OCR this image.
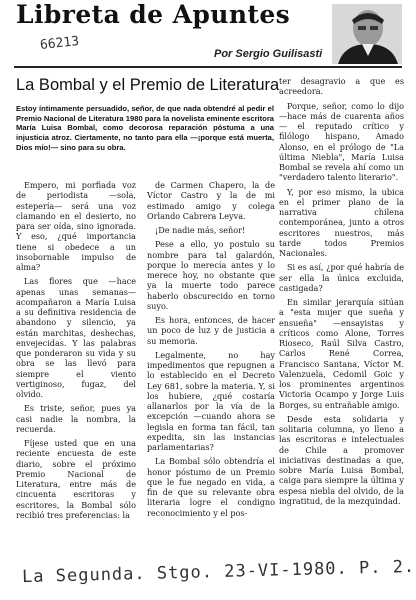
Libreta de Apuntes
66213
Por Sergio Guilisasti
La Bombal y el Premio de Literatura
Estoy íntimamente persuadido, señor, de que nada obtendré al pedir el Premio Nacional de Literatura 1980 para la novelista eminente escritora María Luisa Bombal, como decorosa reparación póstuma a una injusticia atroz. Ciertamente, no tanto para ella —¡porque está muerta, Dios mío!— sino para su obra.

Empero, mi porfiada voz de periodista —sola, estepería— será una voz clamando en el desierto, no para ser oída, sino ignorada. Y eso, ¿qué importancia tiene si obedece a un insobornable impulso de alma?

Las flores que —hace apenas unas semanas— acompañaron a María Luisa a su definitiva residencia de abandono y silencio, ya están marchitas, deshechas, envejecidas. Y las palabras que ponderaron su vida y su obra se las llevó para siempre el viento vertiginoso, fugaz, del olvido.

Es triste, señor, pues ya casi nadie la nombra, la recuerda.

Fíjese usted que en una reciente encuesta de este diario, sobre el próximo Premio Nacional de Literatura, entre más de cincuenta escritoras y escritores, la Bombal sólo recibió tres preferencias: la

de Carmen Chapero, la de Víctor Castro y la de mi estimado amigo y colega Orlando Cabrera Leyva.

¡De nadie más, señor!

Pese a ello, yo postulo su nombre para tal galardón, porque lo merecía antes y lo merece hoy, no obstante que ya la muerte todo parece haberlo obscurecido en torno suyo.

Es hora, entonces, de hacer un poco de luz y de justicia a su memoria.

Legalmente, no hay impedimentos que repugnen a lo establecido en el Decreto Ley 681, sobre la materia. Y, si los hubiere, ¿qué costaría allanarlos por la vía de la excepción —cuando ahora se legisla en forma tan fácil, tan expedita, sin las instancias parlamentarias?

La Bombal sólo obtendría el honor póstumo de un Premio que le fue negado en vida, a fin de que su relevante obra literaria logre el condigno reconocimiento y el pos-

ter desagravio a que es acreedora.

Porque, señor, como lo dijo —hace más de cuarenta años— el reputado crítico y filólogo hispano, Amado Alonso, en el prólogo de "La última Niebla", María Luisa Bombal se revela ahí como un "verdadero talento literario".

Y, por eso mismo, la ubica en el primer plano de la narrativa chilena contemporánea, junto a otros escritores nuestros, más tarde todos Premios Nacionales.

Si es así, ¿por qué habría de ser ella la única excluida, castigada?

En similar jerarquía sitúan a "esta mujer que sueña y ensueña" —ensayistas y críticos como Alone, Torres Rioseco, Raúl Silva Castro, Carlos René Correa, Francisco Santana, Víctor M. Valenzuela, Cedomil Goic y los prominentes argentinos Victoria Ocampo y Jorge Luis Borges, su entrañable amigo.

Desde esta solidaria y solitaria columna, yo lleno a las escritoras e intelectuales de Chile a promover iniciativas destinadas a que, sobre María Luisa Bombal, caiga para siempre la última y espesa niebla del olvido, de la ingratitud, de la mezquindad.

La Segunda. Stgo. 23-VI-1980. P. 2.
